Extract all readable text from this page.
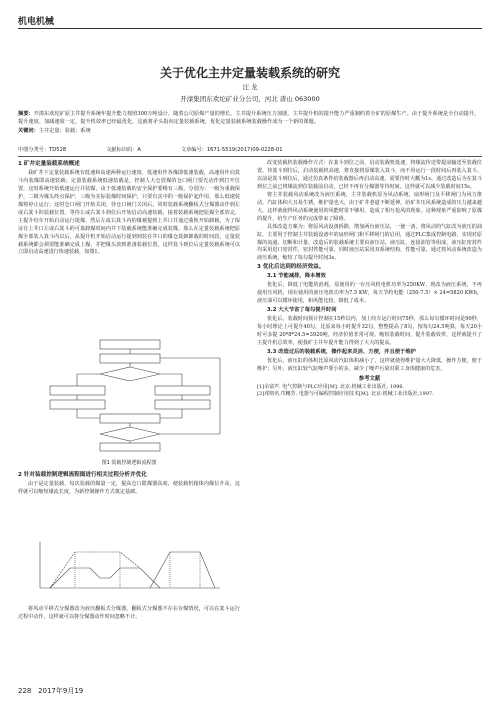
机电机械
关于优化主井定量装载系统的研究
汪 龙
开滦集团东欢坨矿业分公司，河北 唐山 063000
摘要：开滦东欢坨矿原主井提升系统年提升能力按照300万吨设计，随着公司原煤产量的增长，主井提升系统压力加剧，主井提升机的提升能力严重制约着全矿的原煤生产。由于提升系统是全自动提升，提升速度、加减速度一定，提升机效率已经最优化，这就将矛头指向定量装载系统，优化定量装载系统装载操作成为一个新的课题。
关键词：主井定量；装载；系统
中图分类号：TD528	文献标识码：A	文章编号：1671-5519(2017)09-0228-01
1 矿井定量装载系统概述

我矿井下定量装载系统有低速和高速两种运行速度，低速用作各煤即低速装载，高速用作向箕斗内装煤即高速装载；定量装载系统低速装载是，控制人大仓放煤的仓口闸门要先动作到打开位置，这时系统开始低速运行并装煤，由于低速装载的安全保护要稍有三级，分别为：一级为重载保护，二级为煤头终点保护，三级为实际装煤时间保护，只要有其中的一级保护起作用，那么低速装煤将停止运行；这时仓口闸门开始关闭，待仓口闸门关闭后，同时装载系统翻板式分煤器动作到左或右箕斗的装载位置，等待左或右箕斗到位后开始启动高速装载，接着装载系统把原煤全部放完，主提升绞车开始启动运行提煤，然后左或右箕斗内的煤被提到上井口并通过曲轨开始卸载，为了保证在上井口左或右箕斗的可靠卸煤时间内井下装载系统能准确完成装煤，那么在定量装载系统把原煤全部装入箕斗内以后，从提升机开始启动运行提到到装在井口的煤仓箕卸卸载的时间段，定量装载系统都会须要能准确完成上煤，并把煤头放到准备装载位置，这样箕斗到位后定量装载系统可以立即启动高速进行快速装载，如图1。

图1 装载控制逻辑流程图
2 针对装载控制逻辑流程图进行相关过程分析并优化

由于是定量装载，每次装载的煤量一定，提高仓口限煤器高度，使装载机箱体内煤位升高，这样就可以缩短煤流长度，为新控制操作方式奠定基础。

将风动平移式分煤器改为液压翻板式分煤器，翻板式分煤器不存在存煤情况，可以在箕斗运行过程中动作，这样就可以将分煤器动作时间忽略不计。

改变装载机装载操作方式：在箕斗到位之前，启动装载机低速，将煤流传送带提前输送至装载位置，待箕斗到位后，启动装载机高速，将直接将原煤装入箕斗，而不用运行一段时间后再装入箕斗。以前是箕斗到位后，通过仿真条件给装载器后再启动高速，需要待时大概为1s。通过改造后为在箕斗到位之前已将煤流到位装载前启动，已经不再有分煤器等待时间。这样就可以减少装载时间15s。

将主井装载风动系统改为液压系统，主井装载机原为风动系统，扇形闸门及平移闸门为风力推动，汽缸体积大且易生锈，维护量也大，由于矿井巷道不断延伸，给矿井压风系统造成的压力越来越大，这样就使得风动系统使用的风能时常不够用，造成了相互抢风的现象。这种现象严重影响了原煤的提升，给生产任务的完成带来了障碍。

具体改造方案为：将原风动设备拆除，增加两台液压站，一使一备，将风动的气缸改为液压的油缸，主要用于控制主井装载设备中的扇形闸门和平移闸门的启闭，通过PLC集成控制电路，实现对原煤的流通、切断和计量。改造后的装载系统主要由液压站、液压缸、连接油管等组成，液压缸密封件均采用进口密封件，密封性能可靠，同时液压站采用双系统结构，性能可靠，通过将风动系统改造为液压系统，缩短了每勾提升时间3s。

3 优化后达到的经济效益。
3.1 节能减排，降本增效

优化后，降低了电能的消耗，原使用的一台压风机电机功率为250KW，现改为液压系统，不再使用压风机，现在使用的液压电机功率为7.5 KW，每天节约电能（250-7.5）× 24=5820 KWh，液压油可以循环使用，和风能比较，降低了成本。

3.2 大大节省了每勾提升时间

优化后，装载时间预计控制在15秒以内，加上绞车运行时间75秒，那么每勾循环时间是90秒，每小时理论上可提升40勾，比原来每小时提升32勾，整整提高了8勾，按每勾24.5吨算，每天20小时可多提 20*8*24.5=3920吨，经济价值非常可观。缩短装载时间，提升装载效率，这样就提升了主提升机总效率，使我矿主井年提升能力得到了大大的提高。

3.3 改造过后的装载系统，操作起来灵活、方便，并且便于维护

优化后，液压缸的体积比原风动汽缸体积减小了，这样就使得维护量大大降低，操作方便，便于维护；另外，液压缸较气缸噪声要小的多，减少了噪声污染对职工身体健康的危害。

参考文献
[1]余富声. 电气控制与PLC应用[M]. 北京:机械工业出版社, 1996.
[2]邓则名,邝穗芳. 电器与可编程控制应用技术[M]. 北京:机械工业出版社,1997.
228 2017年9月19
